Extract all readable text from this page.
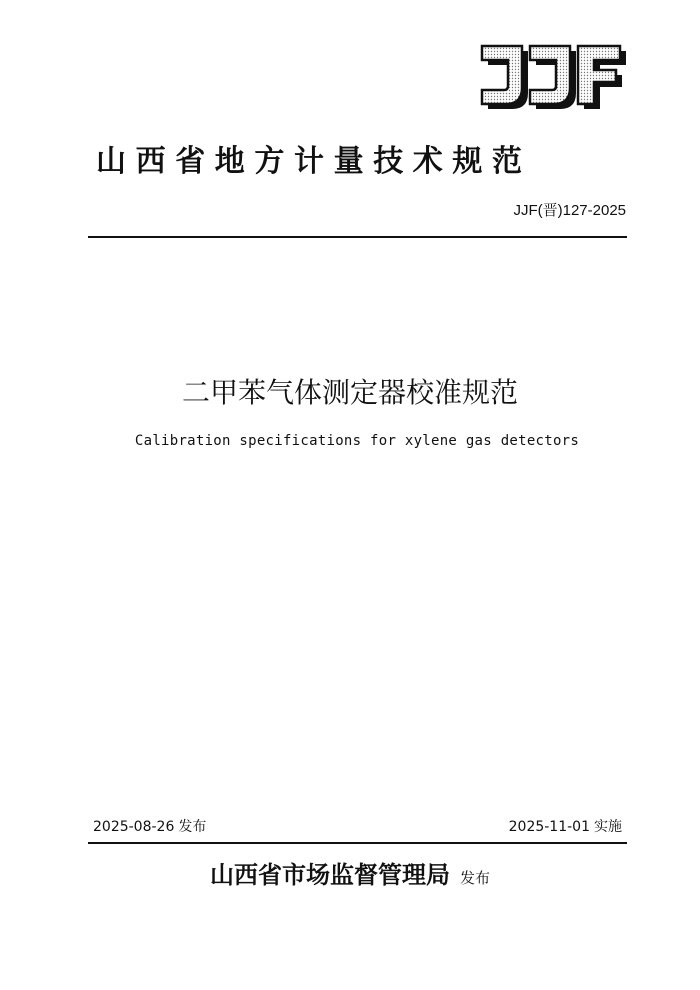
山西省地方计量技术规范
JJF(晋)127-2025
二甲苯气体测定器校准规范
Calibration specifications for xylene gas detectors
2025-08-26 发布	2025-11-01 实施
山西省市场监督管理局 发布
